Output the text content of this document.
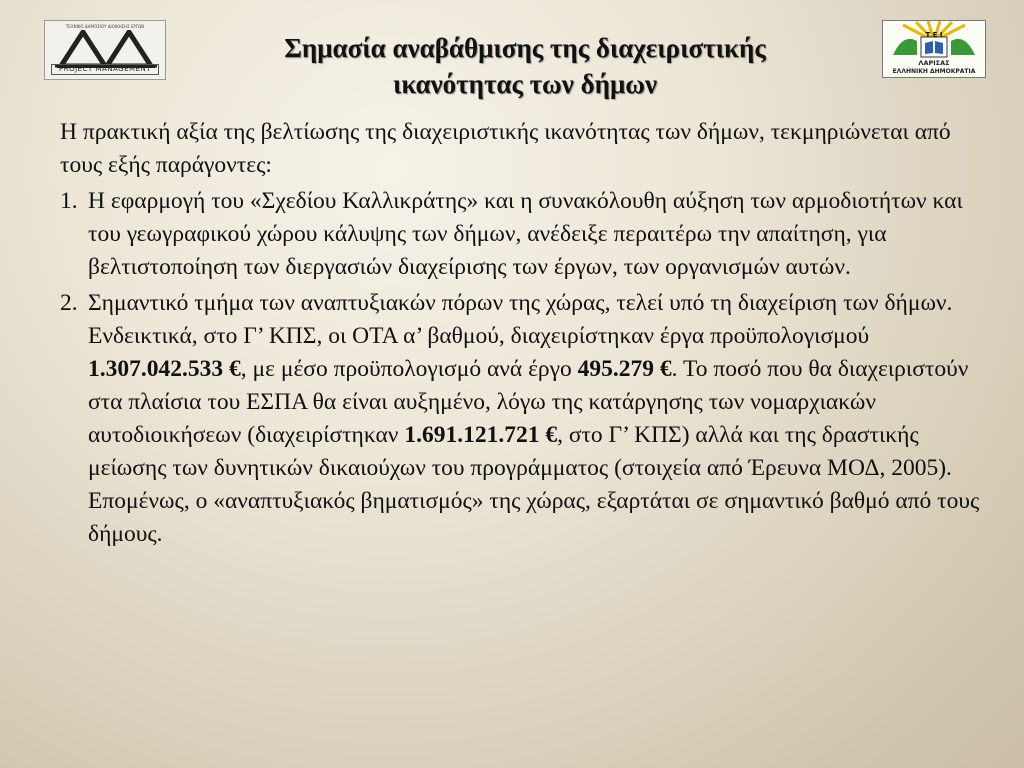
ΤΕΧΝΙΚΟ ΔΗΜΟΣΙΟΥ ΔΙΟΙΚΗΣΗΣ ΕΡΓΩΝ
PROJECT MANAGEMENT
Σημασία αναβάθμισης της διαχειριστικής
ικανότητας των δήμων
Τ Ε Ι
ΛΑΡΙΣΑΣ
ΕΛΛΗΝΙΚΗ ΔΗΜΟΚΡΑΤΙΑ

Η πρακτική αξία της βελτίωσης της διαχειριστικής ικανότητας των δήμων, τεκμηριώνεται από τους εξής παράγοντες:

1. Η εφαρμογή του «Σχεδίου Καλλικράτης» και η συνακόλουθη αύξηση των αρμοδιοτήτων και του γεωγραφικού χώρου κάλυψης των δήμων, ανέδειξε περαιτέρω την απαίτηση, για βελτιστοποίηση των διεργασιών διαχείρισης των έργων, των οργανισμών αυτών.
2. Σημαντικό τμήμα των αναπτυξιακών πόρων της χώρας, τελεί υπό τη διαχείριση των δήμων. Ενδεικτικά, στο Γ’ ΚΠΣ, οι ΟΤΑ α’ βαθμού, διαχειρίστηκαν έργα προϋπολογισμού 1.307.042.533 €, με μέσο προϋπολογισμό ανά έργο 495.279 €. Το ποσό που θα διαχειριστούν στα πλαίσια του ΕΣΠΑ θα είναι αυξημένο, λόγω της κατάργησης των νομαρχιακών αυτοδιοικήσεων (διαχειρίστηκαν 1.691.121.721 €, στο Γ’ ΚΠΣ) αλλά και της δραστικής μείωσης των δυνητικών δικαιούχων του προγράμματος (στοιχεία από Έρευνα ΜΟΔ, 2005). Επομένως, ο «αναπτυξιακός βηματισμός» της χώρας, εξαρτάται σε σημαντικό βαθμό από τους δήμους.
